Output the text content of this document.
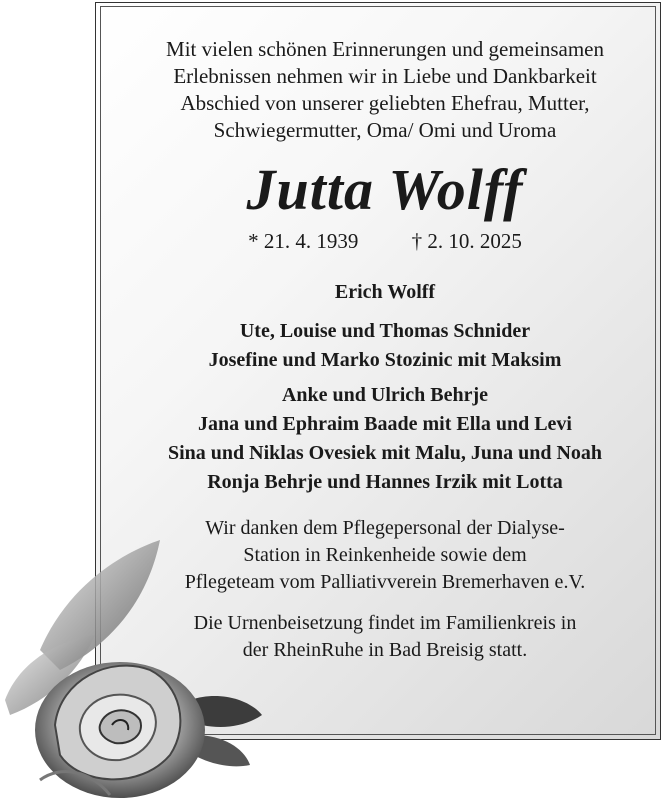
Mit vielen schönen Erinnerungen und gemeinsamen
Erlebnissen nehmen wir in Liebe und Dankbarkeit
Abschied von unserer geliebten Ehefrau, Mutter,
Schwiegermutter, Oma/ Omi und Uroma

Jutta Wolff

* 21. 4. 1939	† 2. 10. 2025

Erich Wolff

Ute, Louise und Thomas Schnider
Josefine und Marko Stozinic mit Maksim

Anke und Ulrich Behrje
Jana und Ephraim Baade mit Ella und Levi
Sina und Niklas Ovesiek mit Malu, Juna und Noah
Ronja Behrje und Hannes Irzik mit Lotta

Wir danken dem Pflegepersonal der Dialyse-
Station in Reinkenheide sowie dem
Pflegeteam vom Palliativverein Bremerhaven e.V.

Die Urnenbeisetzung findet im Familienkreis in
der RheinRuhe in Bad Breisig statt.
